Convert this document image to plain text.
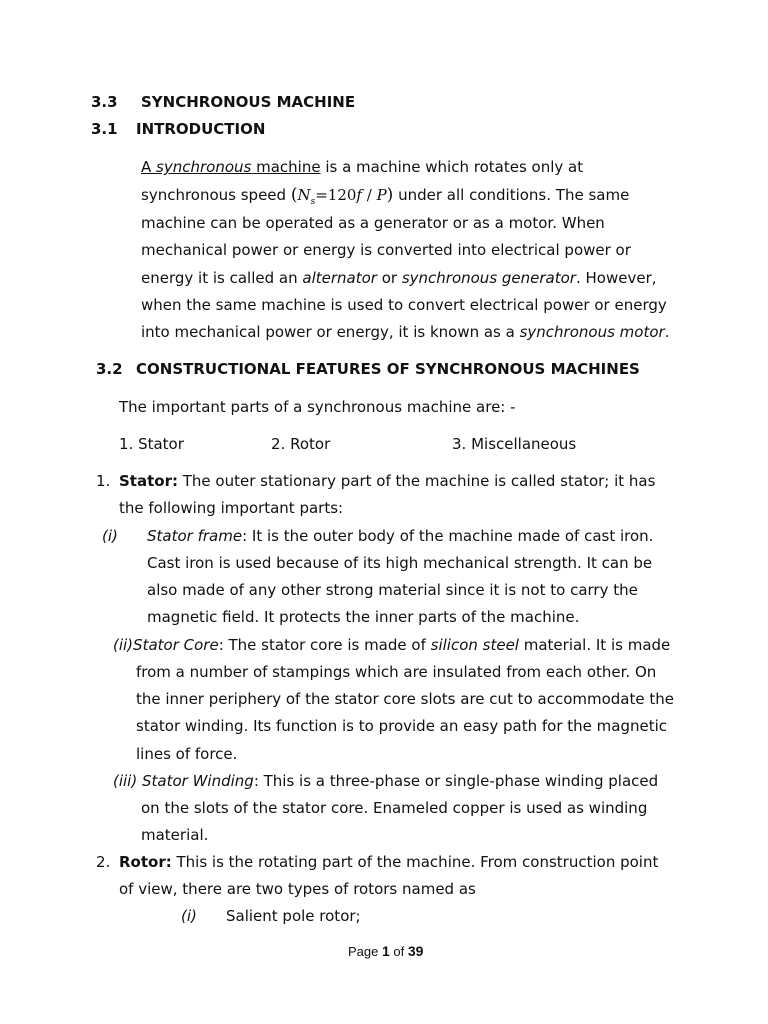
3.3 SYNCHRONOUS MACHINE
3.1 INTRODUCTION
A synchronous machine is a machine which rotates only at
synchronous speed $(N_s=120f / P)$ under all conditions. The same
machine can be operated as a generator or as a motor. When
mechanical power or energy is converted into electrical power or
energy it is called an alternator or synchronous generator. However,
when the same machine is used to convert electrical power or energy
into mechanical power or energy, it is known as a synchronous motor.
3.2 CONSTRUCTIONAL FEATURES OF SYNCHRONOUS MACHINES
The important parts of a synchronous machine are: -
1. Stator	2. Rotor	3. Miscellaneous
1. Stator: The outer stationary part of the machine is called stator; it has
the following important parts:
(i) Stator frame: It is the outer body of the machine made of cast iron.
Cast iron is used because of its high mechanical strength. It can be
also made of any other strong material since it is not to carry the
magnetic field. It protects the inner parts of the machine.
(ii)Stator Core: The stator core is made of silicon steel material. It is made
from a number of stampings which are insulated from each other. On
the inner periphery of the stator core slots are cut to accommodate the
stator winding. Its function is to provide an easy path for the magnetic
lines of force.
(iii) Stator Winding: This is a three-phase or single-phase winding placed
on the slots of the stator core. Enameled copper is used as winding
material.
2. Rotor: This is the rotating part of the machine. From construction point
of view, there are two types of rotors named as
(i) Salient pole rotor;
Page 1 of 39
